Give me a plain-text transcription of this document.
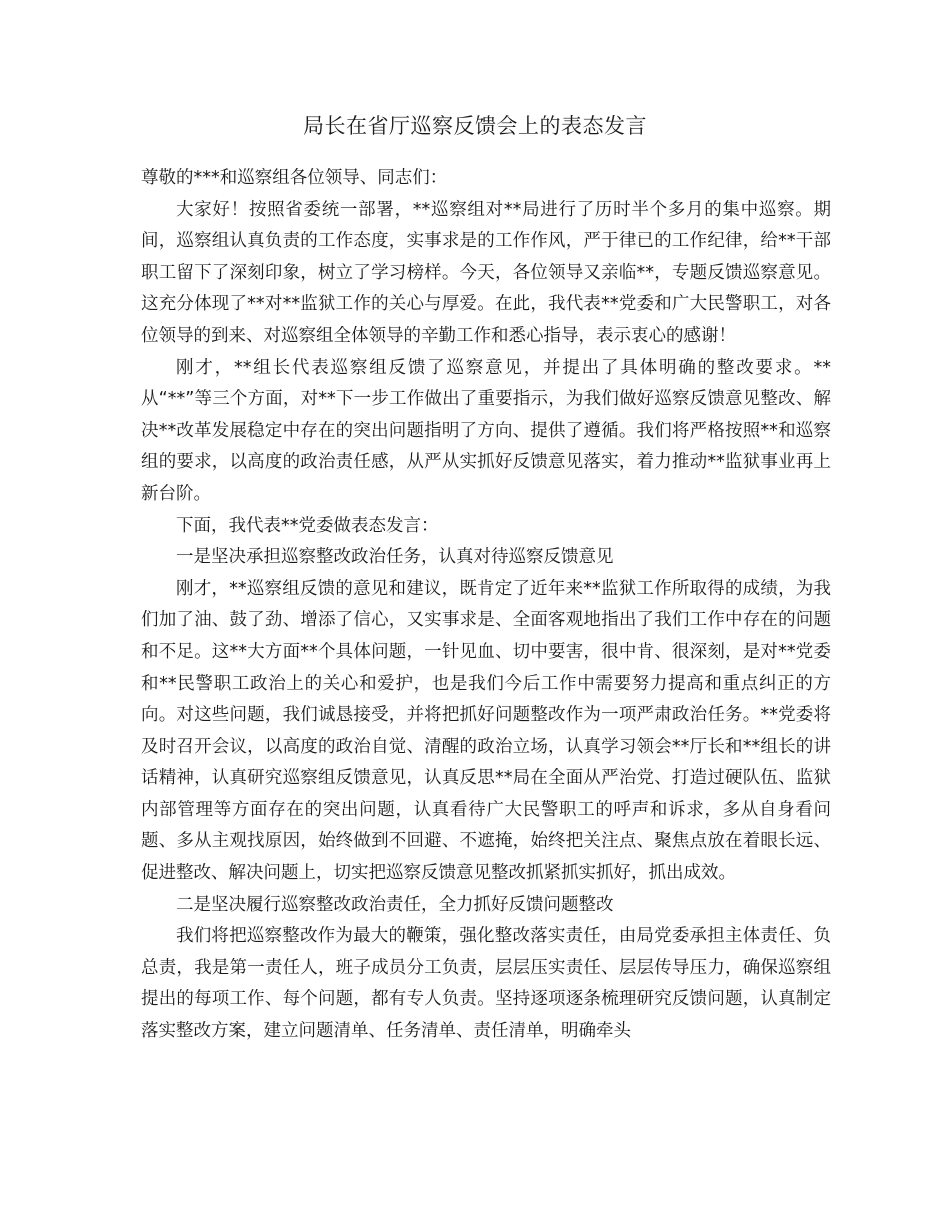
局长在省厅巡察反馈会上的表态发言

尊敬的***和巡察组各位领导、同志们：

大家好！按照省委统一部署，**巡察组对**局进行了历时半个多月的集中巡察。期间，巡察组认真负责的工作态度，实事求是的工作作风，严于律已的工作纪律，给**干部职工留下了深刻印象，树立了学习榜样。今天，各位领导又亲临**，专题反馈巡察意见。这充分体现了**对**监狱工作的关心与厚爱。在此，我代表**党委和广大民警职工，对各位领导的到来、对巡察组全体领导的辛勤工作和悉心指导，表示衷心的感谢！

刚才，**组长代表巡察组反馈了巡察意见，并提出了具体明确的整改要求。**从“**”等三个方面，对**下一步工作做出了重要指示，为我们做好巡察反馈意见整改、解决**改革发展稳定中存在的突出问题指明了方向、提供了遵循。我们将严格按照**和巡察组的要求，以高度的政治责任感，从严从实抓好反馈意见落实，着力推动**监狱事业再上新台阶。

下面，我代表**党委做表态发言：

一是坚决承担巡察整改政治任务，认真对待巡察反馈意见

刚才，**巡察组反馈的意见和建议，既肯定了近年来**监狱工作所取得的成绩，为我们加了油、鼓了劲、增添了信心，又实事求是、全面客观地指出了我们工作中存在的问题和不足。这**大方面**个具体问题，一针见血、切中要害，很中肯、很深刻，是对**党委和**民警职工政治上的关心和爱护，也是我们今后工作中需要努力提高和重点纠正的方向。对这些问题，我们诚恳接受，并将把抓好问题整改作为一项严肃政治任务。**党委将及时召开会议，以高度的政治自觉、清醒的政治立场，认真学习领会**厅长和**组长的讲话精神，认真研究巡察组反馈意见，认真反思**局在全面从严治党、打造过硬队伍、监狱内部管理等方面存在的突出问题，认真看待广大民警职工的呼声和诉求，多从自身看问题、多从主观找原因，始终做到不回避、不遮掩，始终把关注点、聚焦点放在着眼长远、促进整改、解决问题上，切实把巡察反馈意见整改抓紧抓实抓好，抓出成效。

二是坚决履行巡察整改政治责任，全力抓好反馈问题整改

我们将把巡察整改作为最大的鞭策，强化整改落实责任，由局党委承担主体责任、负总责，我是第一责任人，班子成员分工负责，层层压实责任、层层传导压力，确保巡察组提出的每项工作、每个问题，都有专人负责。坚持逐项逐条梳理研究反馈问题，认真制定落实整改方案，建立问题清单、任务清单、责任清单，明确牵头
